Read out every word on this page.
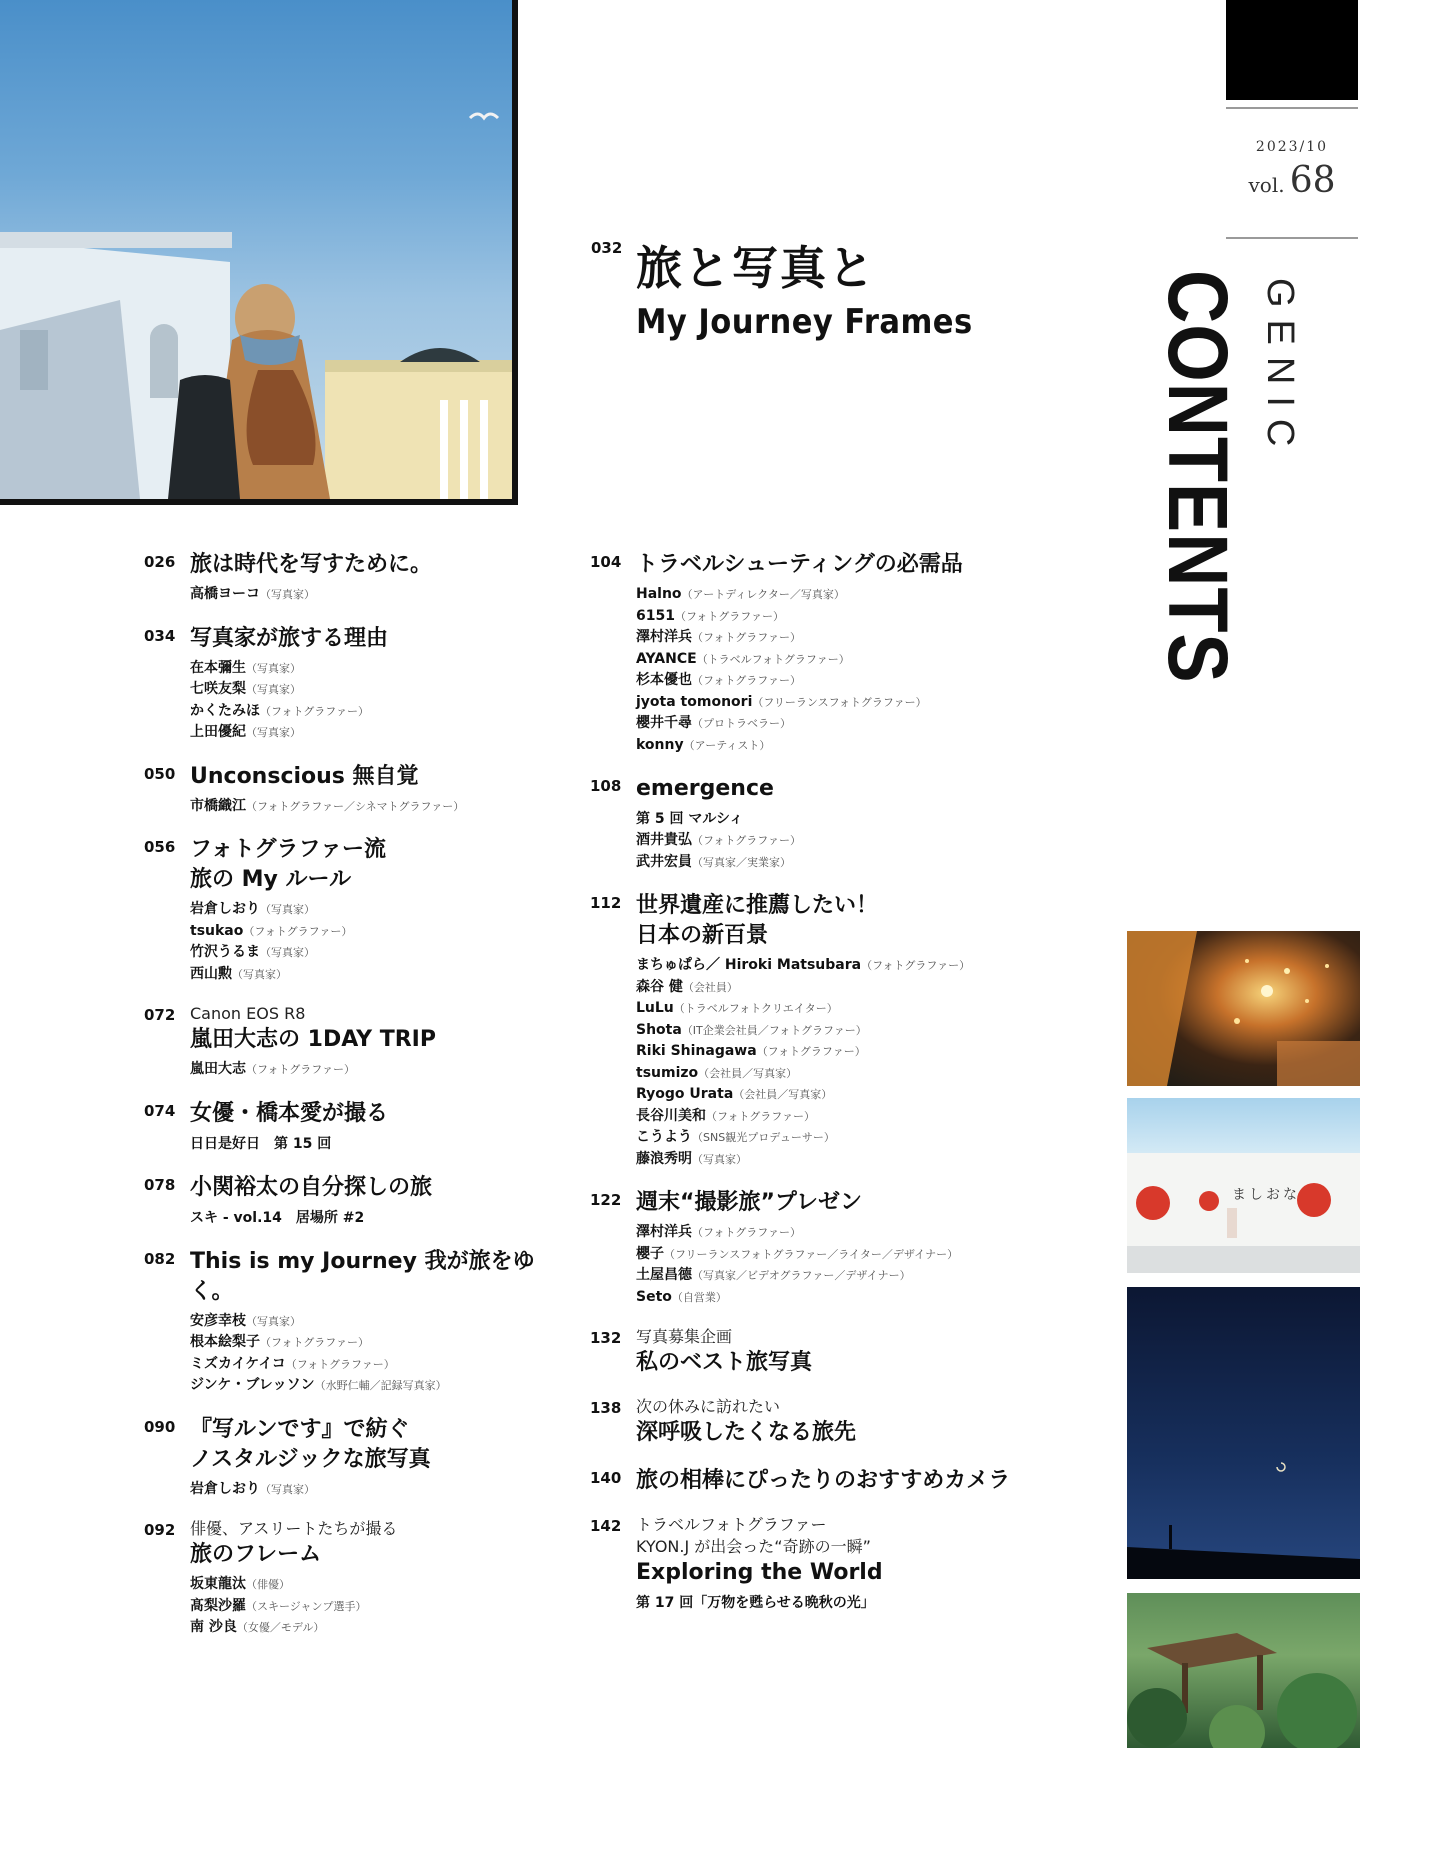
2023/10
vol. 68
GENIC
CONTENTS
032 旅と写真と
My Journey Frames
026 旅は時代を写すために。
高橋ヨーコ（写真家）
034 写真家が旅する理由
在本彌生（写真家）
七咲友梨（写真家）
かくたみほ（フォトグラファー）
上田優紀（写真家）
050 Unconscious 無自覚
市橋織江（フォトグラファー／シネマトグラファー）
056 フォトグラファー流
旅の My ルール
岩倉しおり（写真家）
tsukao（フォトグラファー）
竹沢うるま（写真家）
西山勲（写真家）
072 Canon EOS R8
嵐田大志の 1DAY TRIP
嵐田大志（フォトグラファー）
074 女優・橋本愛が撮る
日日是好日　第 15 回
078 小関裕太の自分探しの旅
スキ - vol.14　居場所 #2
082 This is my Journey 我が旅をゆく。
安彦幸枝（写真家）
根本絵梨子（フォトグラファー）
ミズカイケイコ（フォトグラファー）
ジンケ・ブレッソン（水野仁輔／記録写真家）
090 『写ルンです』で紡ぐ
ノスタルジックな旅写真
岩倉しおり（写真家）
092 俳優、アスリートたちが撮る
旅のフレーム
坂東龍汰（俳優）
髙梨沙羅（スキージャンプ選手）
南 沙良（女優／モデル）
104 トラベルシューティングの必需品
Halno（アートディレクター／写真家）
6151（フォトグラファー）
澤村洋兵（フォトグラファー）
AYANCE（トラベルフォトグラファー）
杉本優也（フォトグラファー）
jyota tomonori（フリーランスフォトグラファー）
櫻井千尋（プロトラベラー）
konny（アーティスト）
108 emergence
第 5 回 マルシィ
酒井貴弘（フォトグラファー）
武井宏員（写真家／実業家）
112 世界遺産に推薦したい！
日本の新百景
まちゅぱら／ Hiroki Matsubara（フォトグラファー）
森谷 健（会社員）
LuLu（トラベルフォトクリエイター）
Shota（IT企業会社員／フォトグラファー）
Riki Shinagawa（フォトグラファー）
tsumizo（会社員／写真家）
Ryogo Urata（会社員／写真家）
長谷川美和（フォトグラファー）
こうよう（SNS観光プロデューサー）
藤浪秀明（写真家）
122 週末“撮影旅”プレゼン
澤村洋兵（フォトグラファー）
櫻子（フリーランスフォトグラファー／ライター／デザイナー）
土屋昌德（写真家／ビデオグラファー／デザイナー）
Seto（自営業）
132 写真募集企画
私のベスト旅写真
138 次の休みに訪れたい
深呼吸したくなる旅先
140 旅の相棒にぴったりのおすすめカメラ
142 トラベルフォトグラファー
KYON.J が出会った“奇跡の一瞬”
Exploring the World
第 17 回「万物を甦らせる晩秋の光」
ましおな
